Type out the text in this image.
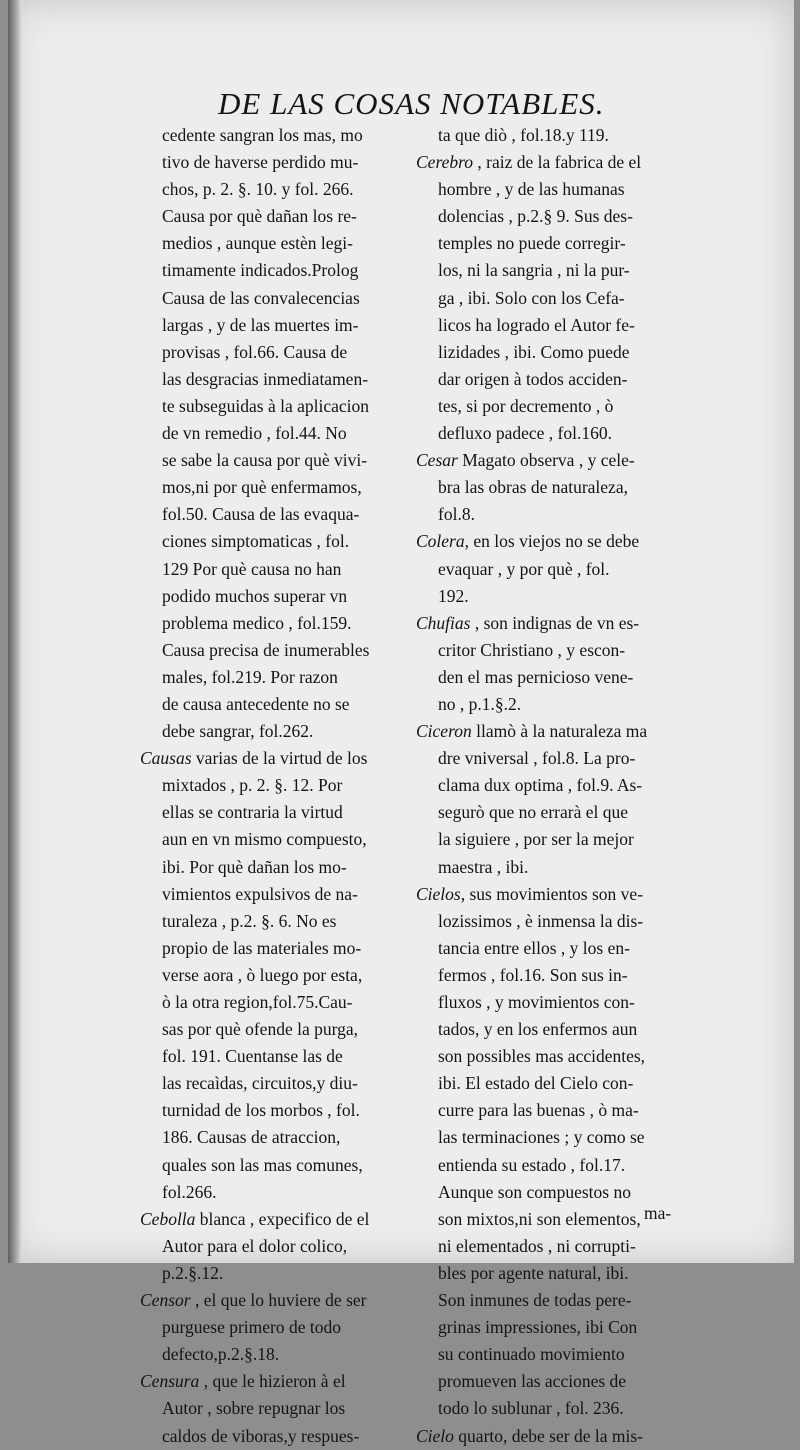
DE LAS COSAS NOTABLES.
cedente sangran los mas, mo
tivo de haverse perdido mu-
chos, p. 2. §. 10. y fol. 266.
Causa por què dañan los re-
medios , aunque estèn legi-
timamente indicados.Prolog
Causa de las convalecencias
largas , y de las muertes im-
provisas , fol.66. Causa de
las desgracias inmediatamen-
te subseguidas à la aplicacion
de vn remedio , fol.44. No
se sabe la causa por què vivi-
mos,ni por què enfermamos,
fol.50. Causa de las evaqua-
ciones simptomaticas , fol.
129 Por què causa no han
podido muchos superar vn
problema medico , fol.159.
Causa precisa de inumerables
males, fol.219. Por razon
de causa antecedente no se
debe sangrar, fol.262.
Causas varias de la virtud de los
mixtados , p. 2. §. 12. Por
ellas se contraria la virtud
aun en vn mismo compuesto,
ibi. Por què dañan los mo-
vimientos expulsivos de na-
turaleza , p.2. §. 6. No es
propio de las materiales mo-
verse aora , ò luego por esta,
ò la otra region,fol.75.Cau-
sas por què ofende la purga,
fol. 191. Cuentanse las de
las recaìdas, circuitos,y diu-
turnidad de los morbos , fol.
186. Causas de atraccion,
quales son las mas comunes,
fol.266.
Cebolla blanca , expecifico de el
Autor para el dolor colico,
p.2.§.12.
Censor , el que lo huviere de ser
purguese primero de todo
defecto,p.2.§.18.
Censura , que le hizieron à el
Autor , sobre repugnar los
caldos de viboras,y respues-
ta que diò , fol.18.y 119.
Cerebro , raiz de la fabrica de el
hombre , y de las humanas
dolencias , p.2.§ 9. Sus des-
temples no puede corregir-
los, ni la sangria , ni la pur-
ga , ibi. Solo con los Cefa-
licos ha logrado el Autor fe-
lizidades , ibi. Como puede
dar origen à todos acciden-
tes, si por decremento , ò
defluxo padece , fol.160.
Cesar Magato observa , y cele-
bra las obras de naturaleza,
fol.8.
Colera, en los viejos no se debe
evaquar , y por què , fol.
192.
Chufias , son indignas de vn es-
critor Christiano , y escon-
den el mas pernicioso vene-
no , p.1.§.2.
Ciceron llamò à la naturaleza ma
dre vniversal , fol.8. La pro-
clama dux optima , fol.9. As-
segurò que no errarà el que
la siguiere , por ser la mejor
maestra , ibi.
Cielos, sus movimientos son ve-
lozissimos , è inmensa la dis-
tancia entre ellos , y los en-
fermos , fol.16. Son sus in-
fluxos , y movimientos con-
tados, y en los enfermos aun
son possibles mas accidentes,
ibi. El estado del Cielo con-
curre para las buenas , ò ma-
las terminaciones ; y como se
entienda su estado , fol.17.
Aunque son compuestos no
son mixtos,ni son elementos,
ni elementados , ni corrupti-
bles por agente natural, ibi.
Son inmunes de todas pere-
grinas impressiones, ibi Con
su continuado movimiento
promueven las acciones de
todo lo sublunar , fol. 236.
Cielo quarto, debe ser de la mis-
ma-
